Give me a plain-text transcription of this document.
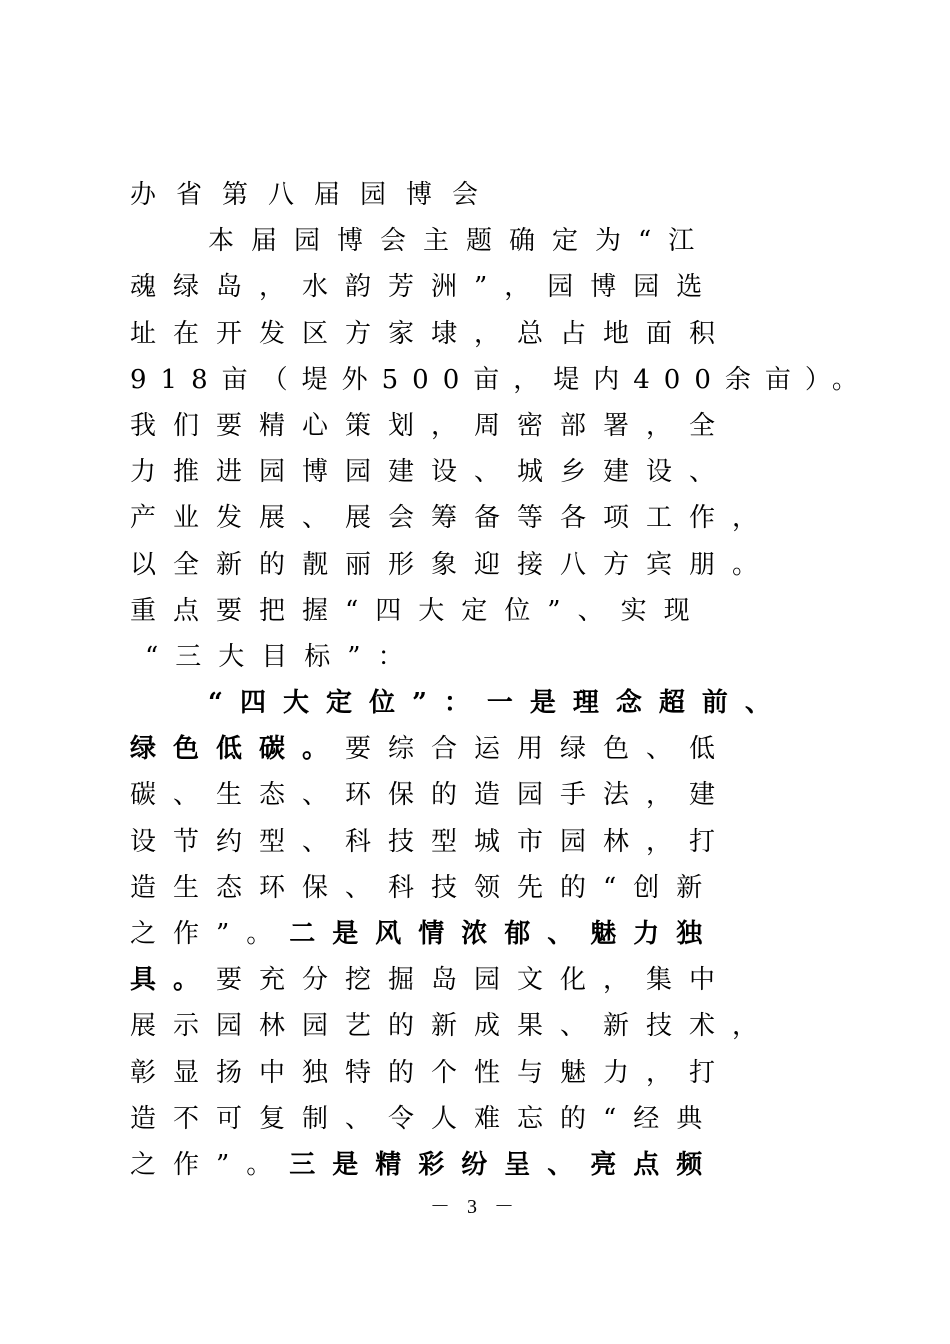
办省第八届园博会
本届园博会主题确定为“江
魂绿岛，水韵芳洲”，园博园选
址在开发区方家埭，总占地面积
918亩（堤外500亩，堤内400余亩）。
我们要精心策划，周密部署，全
力推进园博园建设、城乡建设、
产业发展、展会筹备等各项工作，
以全新的靓丽形象迎接八方宾朋。
重点要把握“四大定位”、实现
“三大目标”：
“四大定位”：一是理念超前、
绿色低碳。要综合运用绿色、低
碳、生态、环保的造园手法，建
设节约型、科技型城市园林，打
造生态环保、科技领先的“创新
之作”。二是风情浓郁、魅力独
具。要充分挖掘岛园文化，集中
展示园林园艺的新成果、新技术，
彰显扬中独特的个性与魅力，打
造不可复制、令人难忘的“经典
之作”。三是精彩纷呈、亮点频
－ 3 －
